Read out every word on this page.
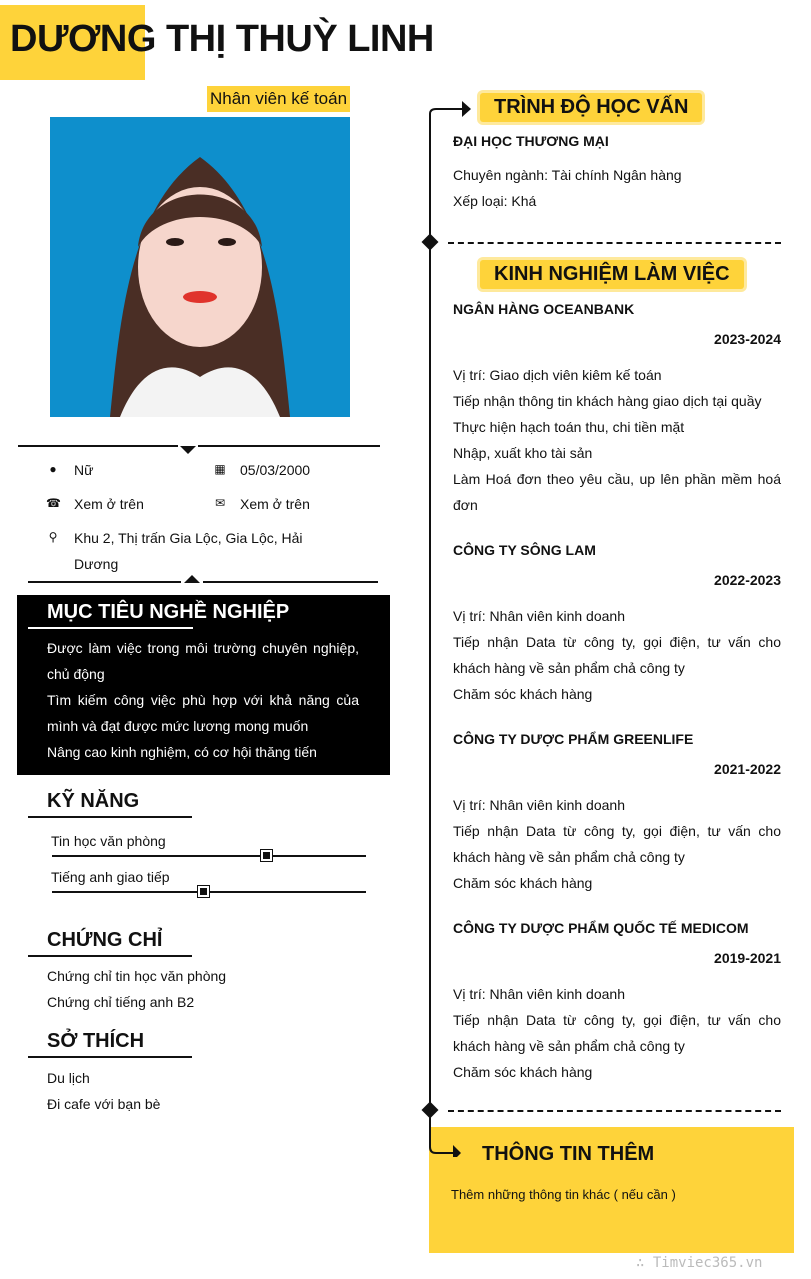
DƯƠNG THỊ THUỲ LINH
Nhân viên kế toán
● Nữ	▦ 05/03/2000
☎ Xem ở trên	✉ Xem ở trên
⚲ Khu 2, Thị trấn Gia Lộc, Gia Lộc, Hải Dương
MỤC TIÊU NGHỀ NGHIỆP
Được làm việc trong môi trường chuyên nghiệp, chủ động
Tìm kiếm công việc phù hợp với khả năng của mình và đạt được mức lương mong muốn
Nâng cao kinh nghiệm, có cơ hội thăng tiến
KỸ NĂNG
Tin học văn phòng
Tiếng anh giao tiếp
CHỨNG CHỈ
Chứng chỉ tin học văn phòng
Chứng chỉ tiếng anh B2
SỞ THÍCH
Du lịch
Đi cafe với bạn bè
TRÌNH ĐỘ HỌC VẤN
ĐẠI HỌC THƯƠNG MẠI
Chuyên ngành: Tài chính Ngân hàng
Xếp loại: Khá
KINH NGHIỆM LÀM VIỆC
NGÂN HÀNG OCEANBANK
2023-2024
Vị trí: Giao dịch viên kiêm kế toán
Tiếp nhận thông tin khách hàng giao dịch tại quầy
Thực hiện hạch toán thu, chi tiền mặt
Nhập, xuất kho tài sản
Làm Hoá đơn theo yêu cầu, up lên phần mềm hoá đơn
CÔNG TY SÔNG LAM
2022-2023
Vị trí: Nhân viên kinh doanh
Tiếp nhận Data từ công ty, gọi điện, tư vấn cho khách hàng về sản phẩm chả công ty
Chăm sóc khách hàng
CÔNG TY DƯỢC PHẨM GREENLIFE
2021-2022
Vị trí: Nhân viên kinh doanh
Tiếp nhận Data từ công ty, gọi điện, tư vấn cho khách hàng về sản phẩm chả công ty
Chăm sóc khách hàng
CÔNG TY DƯỢC PHẨM QUỐC TẾ MEDICOM
2019-2021
Vị trí: Nhân viên kinh doanh
Tiếp nhận Data từ công ty, gọi điện, tư vấn cho khách hàng về sản phẩm chả công ty
Chăm sóc khách hàng
THÔNG TIN THÊM
Thêm những thông tin khác ( nếu cần )
∴ Timviec365.vn
